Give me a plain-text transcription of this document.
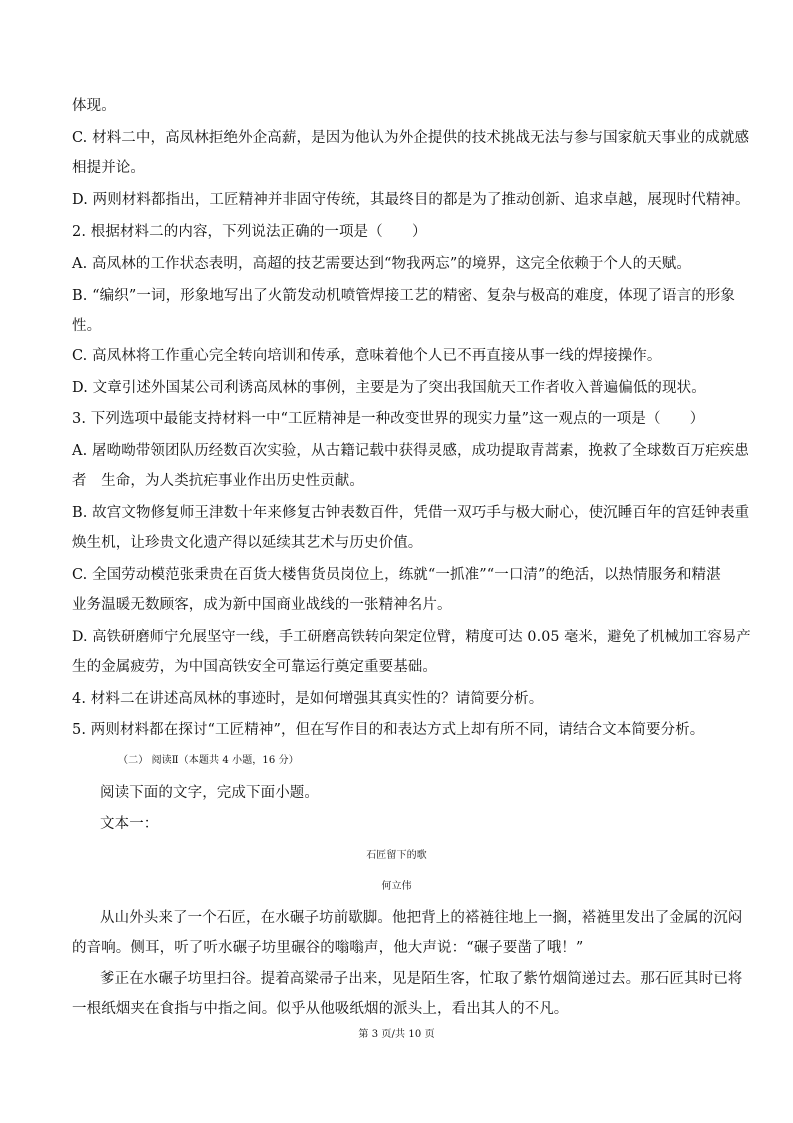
体现。
C. 材料二中，高凤林拒绝外企高薪，是因为他认为外企提供的技术挑战无法与参与国家航天事业的成就感
相提并论。
D. 两则材料都指出，工匠精神并非固守传统，其最终目的都是为了推动创新、追求卓越，展现时代精神。
2. 根据材料二的内容，下列说法正确的一项是（　　）
A. 高凤林的工作状态表明，高超的技艺需要达到“物我两忘”的境界，这完全依赖于个人的天赋。
B. “编织”一词，形象地写出了火箭发动机喷管焊接工艺的精密、复杂与极高的难度，体现了语言的形象
性。
C. 高凤林将工作重心完全转向培训和传承，意味着他个人已不再直接从事一线的焊接操作。
D. 文章引述外国某公司利诱高凤林的事例，主要是为了突出我国航天工作者收入普遍偏低的现状。
3. 下列选项中最能支持材料一中“工匠精神是一种改变世界的现实力量”这一观点的一项是（　　）
A. 屠呦呦带领团队历经数百次实验，从古籍记载中获得灵感，成功提取青蒿素，挽救了全球数百万疟疾患
者　生命，为人类抗疟事业作出历史性贡献。
B. 故宫文物修复师王津数十年来修复古钟表数百件，凭借一双巧手与极大耐心，使沉睡百年的宫廷钟表重
焕生机，让珍贵文化遗产得以延续其艺术与历史价值。
C. 全国劳动模范张秉贵在百货大楼售货员岗位上，练就“一抓准”“一口清”的绝活，以热情服务和精湛
业务温暖无数顾客，成为新中国商业战线的一张精神名片。
D. 高铁研磨师宁允展坚守一线，手工研磨高铁转向架定位臂，精度可达 0.05 毫米，避免了机械加工容易产
生的金属疲劳，为中国高铁安全可靠运行奠定重要基础。
4. 材料二在讲述高凤林的事迹时，是如何增强其真实性的？请简要分析。
5. 两则材料都在探讨“工匠精神”，但在写作目的和表达方式上却有所不同，请结合文本简要分析。
（二） 阅读Ⅱ（本题共 4 小题，16 分）
阅读下面的文字，完成下面小题。
文本一：
石匠留下的歌
何立伟
从山外头来了一个石匠，在水碾子坊前歇脚。他把背上的褡裢往地上一搁，褡裢里发出了金属的沉闷
的音响。侧耳，听了听水碾子坊里碾谷的嗡嗡声，他大声说：“碾子要凿了哦！”
爹正在水碾子坊里扫谷。提着高粱帚子出来，见是陌生客，忙取了紫竹烟简递过去。那石匠其时已将
一根纸烟夹在食指与中指之间。似乎从他吸纸烟的派头上，看出其人的不凡。
第 3 页/共 10 页
